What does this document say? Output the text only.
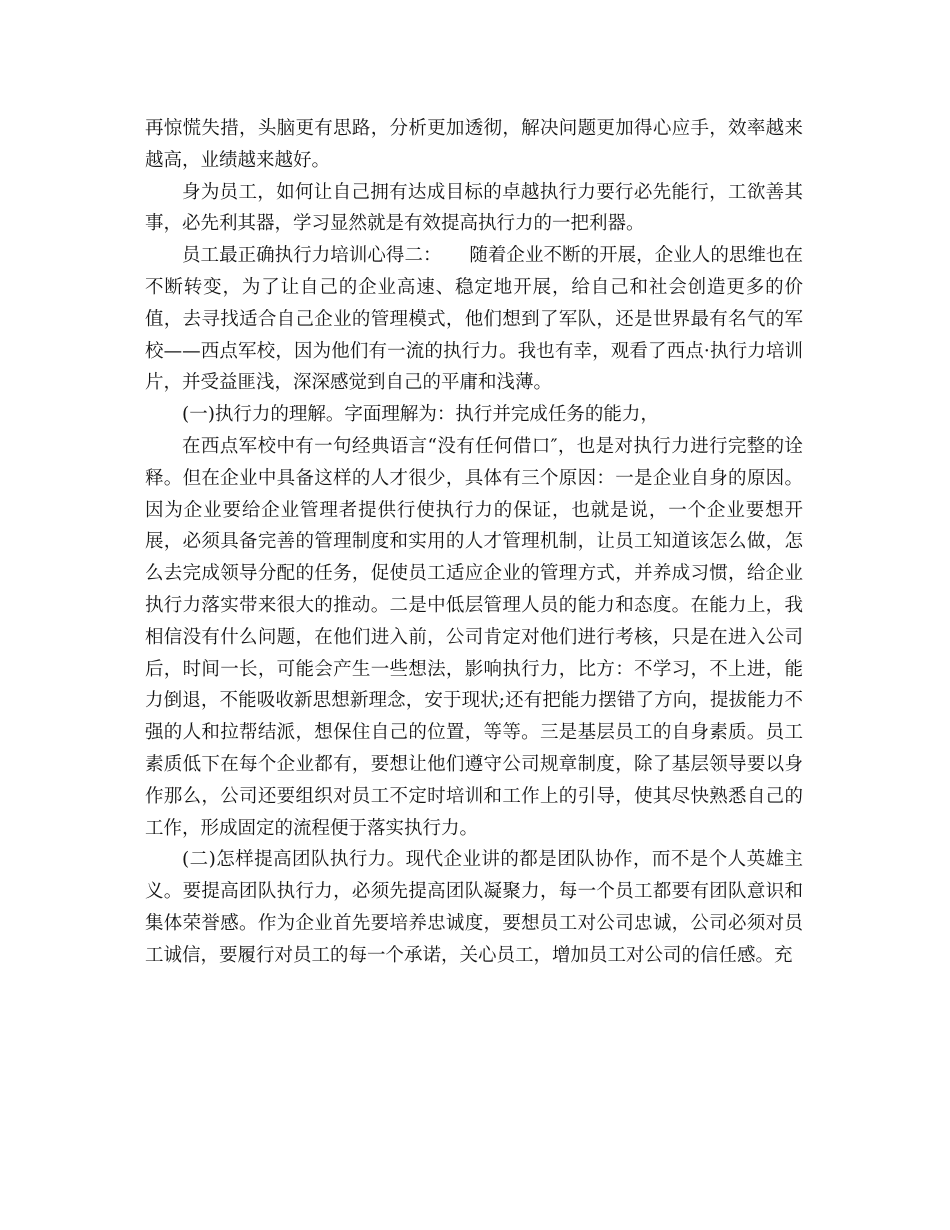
再惊慌失措，头脑更有思路，分析更加透彻，解决问题更加得心应手，效率越来越高，业绩越来越好。

身为员工，如何让自己拥有达成目标的卓越执行力要行必先能行，工欲善其事，必先利其器，学习显然就是有效提高执行力的一把利器。

员工最正确执行力培训心得二：　　随着企业不断的开展，企业人的思维也在不断转变，为了让自己的企业高速、稳定地开展，给自己和社会创造更多的价值，去寻找适合自己企业的管理模式，他们想到了军队，还是世界最有名气的军校——西点军校，因为他们有一流的执行力。我也有幸，观看了西点·执行力培训片，并受益匪浅，深深感觉到自己的平庸和浅薄。

(一)执行力的理解。字面理解为：执行并完成任务的能力，

在西点军校中有一句经典语言“没有任何借口″，也是对执行力进行完整的诠释。但在企业中具备这样的人才很少，具体有三个原因：一是企业自身的原因。因为企业要给企业管理者提供行使执行力的保证，也就是说，一个企业要想开展，必须具备完善的管理制度和实用的人才管理机制，让员工知道该怎么做，怎么去完成领导分配的任务，促使员工适应企业的管理方式，并养成习惯，给企业执行力落实带来很大的推动。二是中低层管理人员的能力和态度。在能力上，我相信没有什么问题，在他们进入前，公司肯定对他们进行考核，只是在进入公司后，时间一长，可能会产生一些想法，影响执行力，比方：不学习，不上进，能力倒退，不能吸收新思想新理念，安于现状;还有把能力摆错了方向，提拔能力不强的人和拉帮结派，想保住自己的位置，等等。三是基层员工的自身素质。员工素质低下在每个企业都有，要想让他们遵守公司规章制度，除了基层领导要以身作那么，公司还要组织对员工不定时培训和工作上的引导，使其尽快熟悉自己的工作，形成固定的流程便于落实执行力。

(二)怎样提高团队执行力。现代企业讲的都是团队协作，而不是个人英雄主义。要提高团队执行力，必须先提高团队凝聚力，每一个员工都要有团队意识和集体荣誉感。作为企业首先要培养忠诚度，要想员工对公司忠诚，公司必须对员工诚信，要履行对员工的每一个承诺，关心员工，增加员工对公司的信任感。充
